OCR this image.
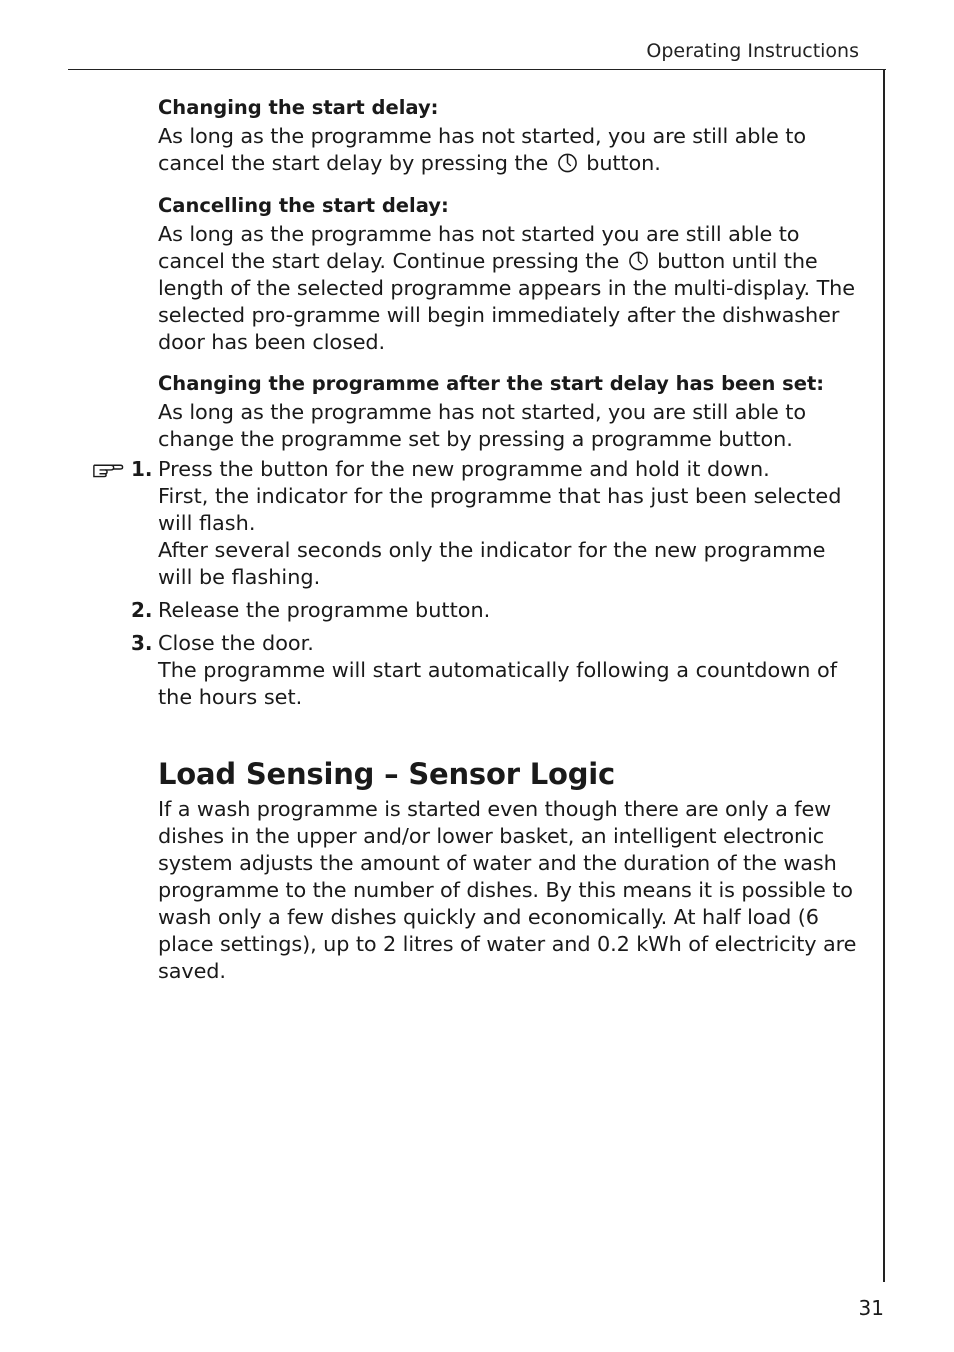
Operating Instructions

Changing the start delay:

As long as the programme has not started, you are still able to cancel the start delay by pressing the button.

Cancelling the start delay:

As long as the programme has not started you are still able to cancel the start delay. Continue pressing the button until the length of the selected programme appears in the multi-display. The selected pro-gramme will begin immediately after the dishwasher door has been closed.

Changing the programme after the start delay has been set:

As long as the programme has not started, you are still able to change the programme set by pressing a programme button.

1. Press the button for the new programme and hold it down.
First, the indicator for the programme that has just been selected will flash.
After several seconds only the indicator for the new programme will be flashing.
2. Release the programme button.
3. Close the door.
The programme will start automatically following a countdown of the hours set.
Load Sensing – Sensor Logic

If a wash programme is started even though there are only a few dishes in the upper and/or lower basket, an intelligent electronic system adjusts the amount of water and the duration of the wash programme to the number of dishes. By this means it is possible to wash only a few dishes quickly and economically. At half load (6 place settings), up to 2 litres of water and 0.2 kWh of electricity are saved.

31
